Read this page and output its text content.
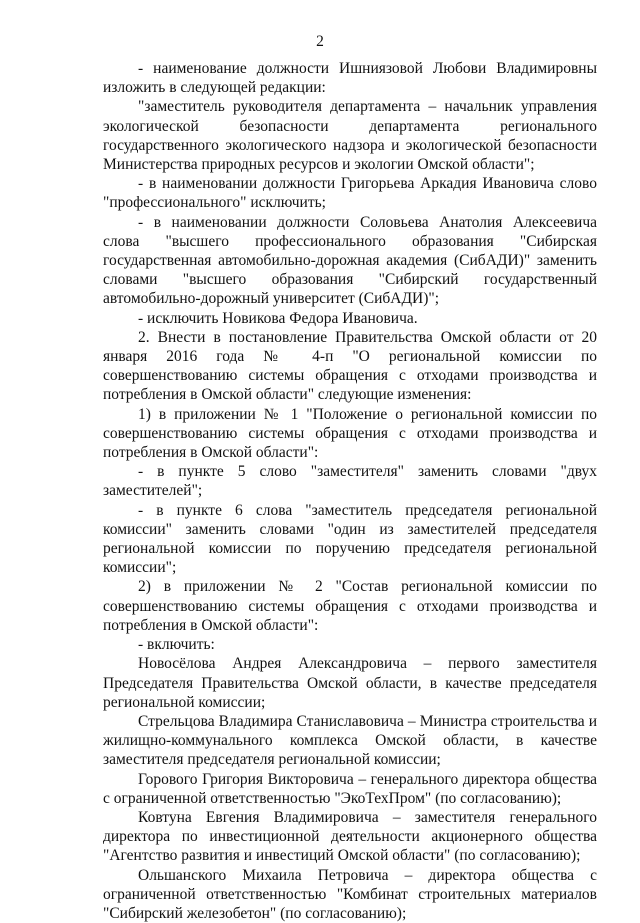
2

- наименование должности Ишниязовой Любови Владимировны изложить в следующей редакции:

"заместитель руководителя департамента – начальник управления экологической безопасности департамента регионального государственного экологического надзора и экологической безопасности Министерства природных ресурсов и экологии Омской области";

- в наименовании должности Григорьева Аркадия Ивановича слово "профессионального" исключить;

- в наименовании должности Соловьева Анатолия Алексеевича слова "высшего профессионального образования "Сибирская государственная автомобильно-дорожная академия (СибАДИ)" заменить словами "высшего образования "Сибирский государственный автомобильно-дорожный университет (СибАДИ)";

- исключить Новикова Федора Ивановича.

2. Внести в постановление Правительства Омской области от 20 января 2016 года № 4-п "О региональной комиссии по совершенствованию системы обращения с отходами производства и потребления в Омской области" следующие изменения:

1) в приложении № 1 "Положение о региональной комиссии по совершенствованию системы обращения с отходами производства и потребления в Омской области":

- в пункте 5 слово "заместителя" заменить словами "двух заместителей";

- в пункте 6 слова "заместитель председателя региональной комиссии" заменить словами "один из заместителей председателя региональной комиссии по поручению председателя региональной комиссии";

2) в приложении № 2 "Состав региональной комиссии по совершенствованию системы обращения с отходами производства и потребления в Омской области":

- включить:

Новосёлова Андрея Александровича – первого заместителя Председателя Правительства Омской области, в качестве председателя региональной комиссии;

Стрельцова Владимира Станиславовича – Министра строительства и жилищно-коммунального комплекса Омской области, в качестве заместителя председателя региональной комиссии;

Горового Григория Викторовича – генерального директора общества с ограниченной ответственностью "ЭкоТехПром" (по согласованию);

Ковтуна Евгения Владимировича – заместителя генерального директора по инвестиционной деятельности акционерного общества "Агентство развития и инвестиций Омской области" (по согласованию);

Ольшанского Михаила Петровича – директора общества с ограниченной ответственностью "Комбинат строительных материалов "Сибирский железобетон" (по согласованию);
